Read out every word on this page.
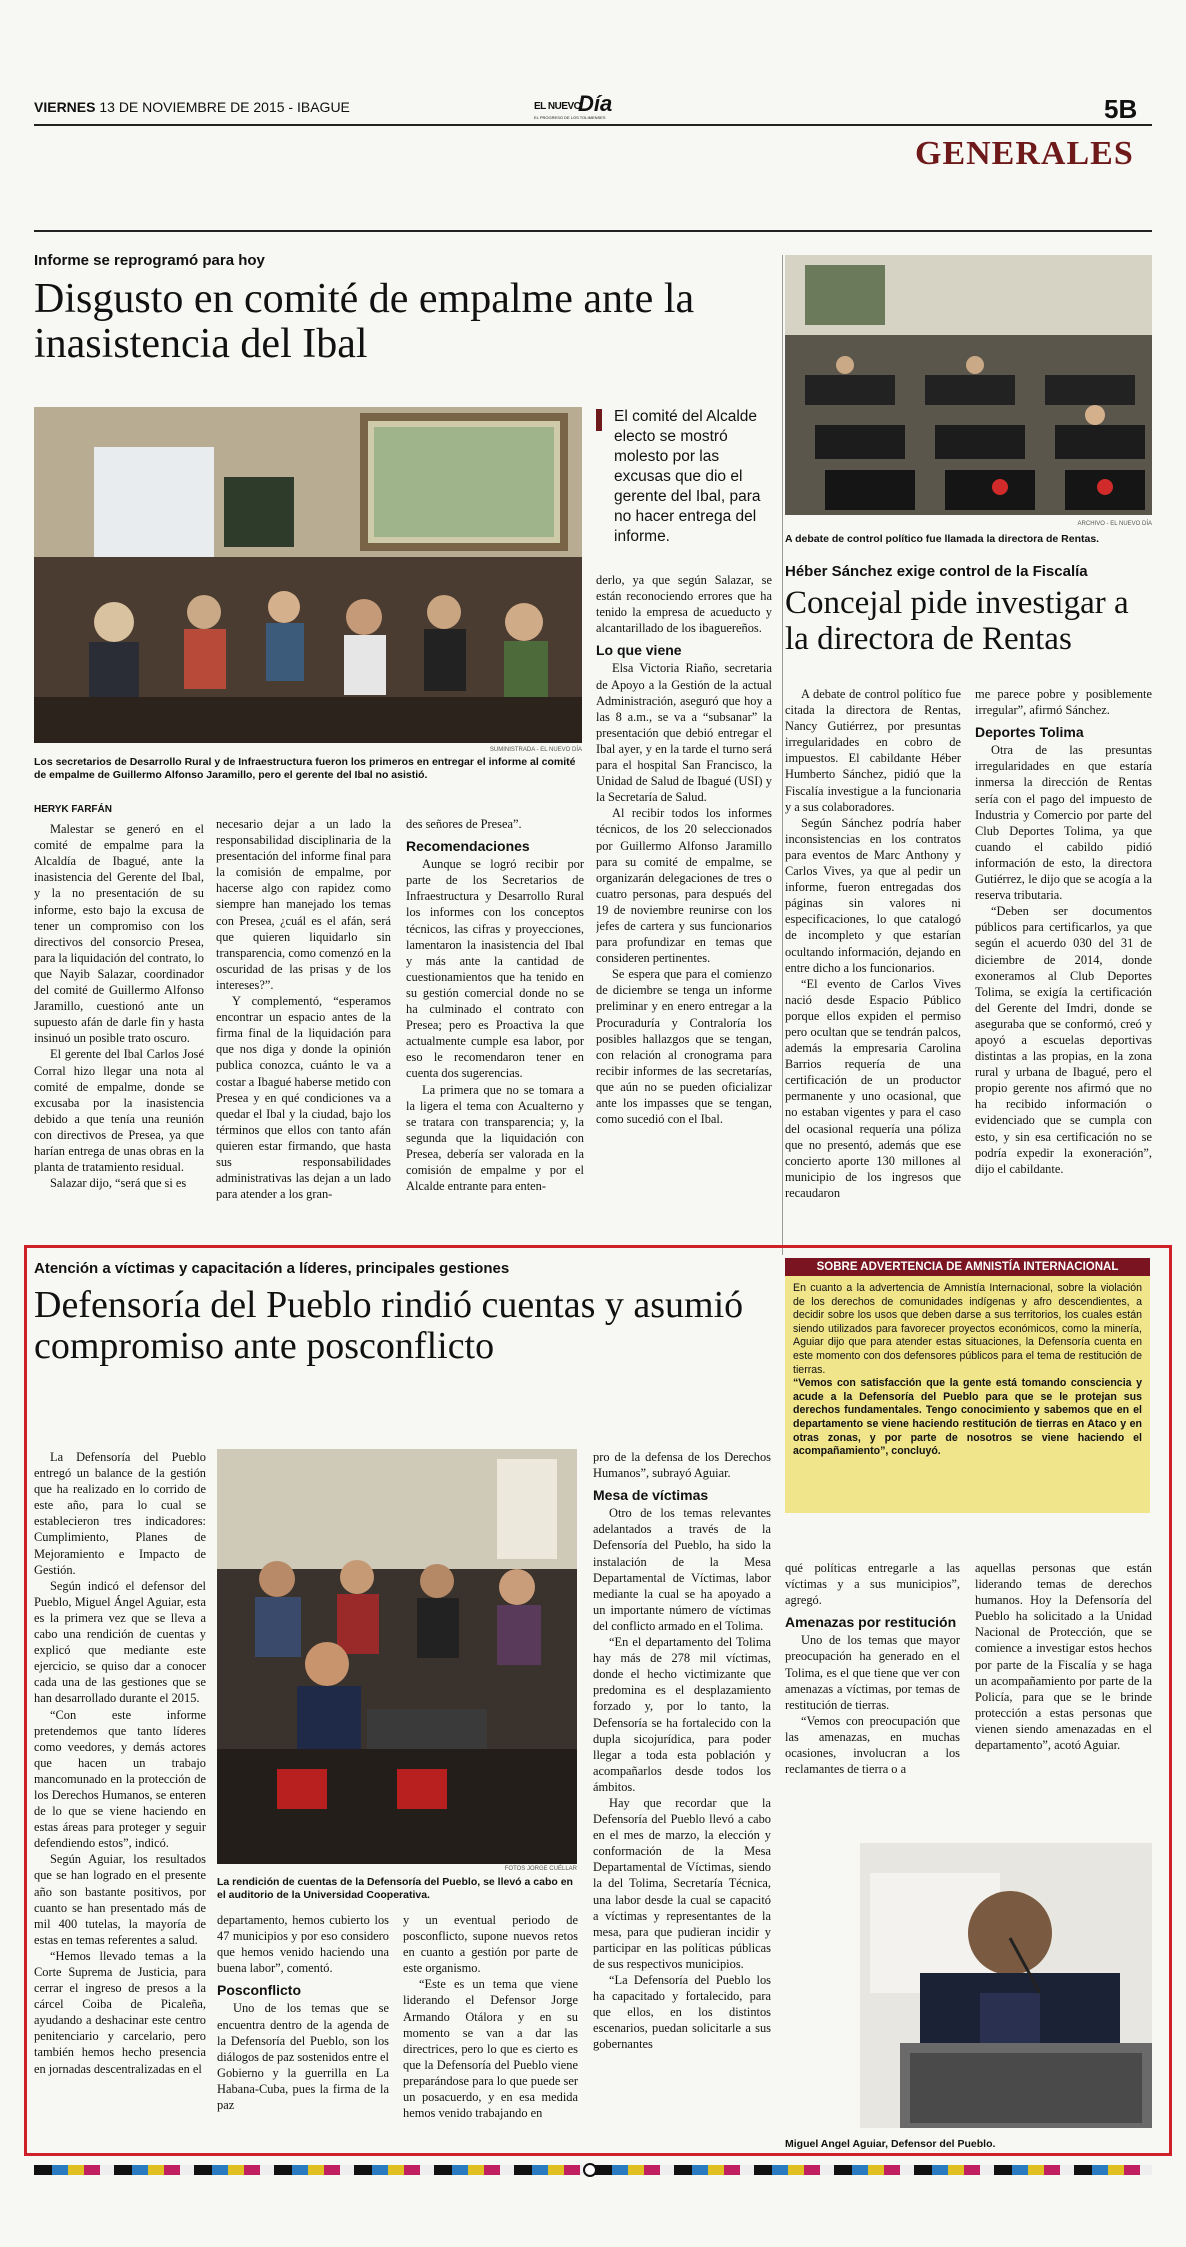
VIERNES 13 DE NOVIEMBRE DE 2015 - IBAGUE	EL NUEVO
Día
EL PROGRESO DE LOS TOLIMENSES	5B
GENERALES
Informe se reprogramó para hoy
Disgusto en comité de empalme ante la inasistencia del Ibal
SUMINISTRADA - EL NUEVO DÍA
Los secretarios de Desarrollo Rural y de Infraestructura fueron los primeros en entregar el informe al comité de empalme de Guillermo Alfonso Jaramillo, pero el gerente del Ibal no asistió.
El comité del Alcalde electo se mostró molesto por las excusas que dio el gerente del Ibal, para no hacer entrega del informe.
HERYK FARFÁN

Malestar se generó en el comité de empalme para la Alcaldía de Ibagué, ante la inasistencia del Gerente del Ibal, y la no presentación de su informe, esto bajo la excusa de tener un compromiso con los directivos del consorcio Presea, para la liquidación del contrato, lo que Nayib Salazar, coordinador del comité de Guillermo Alfonso Jaramillo, cuestionó ante un supuesto afán de darle fin y hasta insinuó un posible trato oscuro.

El gerente del Ibal Carlos José Corral hizo llegar una nota al comité de empalme, donde se excusaba por la inasistencia debido a que tenía una reunión con directivos de Presea, ya que harían entrega de unas obras en la planta de tratamiento residual.

Salazar dijo, “será que si es

necesario dejar a un lado la responsabilidad disciplinaria de la presentación del informe final para la comisión de empalme, por hacerse algo con rapidez como siempre han manejado los temas con Presea, ¿cuál es el afán, será que quieren liquidarlo sin transparencia, como comenzó en la oscuridad de las prisas y de los intereses?”.

Y complementó, “esperamos encontrar un espacio antes de la firma final de la liquidación para que nos diga y donde la opinión publica conozca, cuánto le va a costar a Ibagué haberse metido con Presea y en qué condiciones va a quedar el Ibal y la ciudad, bajo los términos que ellos con tanto afán quieren estar firmando, que hasta sus responsabilidades administrativas las dejan a un lado para atender a los gran-

des señores de Presea”.

Recomendaciones

Aunque se logró recibir por parte de los Secretarios de Infraestructura y Desarrollo Rural los informes con los conceptos técnicos, las cifras y proyecciones, lamentaron la inasistencia del Ibal y más ante la cantidad de cuestionamientos que ha tenido en su gestión comercial donde no se ha culminado el contrato con Presea; pero es Proactiva la que actualmente cumple esa labor, por eso le recomendaron tener en cuenta dos sugerencias.

La primera que no se tomara a la ligera el tema con Acualterno y se tratara con transparencia; y, la segunda que la liquidación con Presea, debería ser valorada en la comisión de empalme y por el Alcalde entrante para enten-

derlo, ya que según Salazar, se están reconociendo errores que ha tenido la empresa de acueducto y alcantarillado de los ibaguereños.

Lo que viene

Elsa Victoria Riaño, secretaria de Apoyo a la Gestión de la actual Administración, aseguró que hoy a las 8 a.m., se va a “subsanar” la presentación que debió entregar el Ibal ayer, y en la tarde el turno será para el hospital San Francisco, la Unidad de Salud de Ibagué (USI) y la Secretaría de Salud.

Al recibir todos los informes técnicos, de los 20 seleccionados por Guillermo Alfonso Jaramillo para su comité de empalme, se organizarán delegaciones de tres o cuatro personas, para después del 19 de noviembre reunirse con los jefes de cartera y sus funcionarios para profundizar en temas que consideren pertinentes.

Se espera que para el comienzo de diciembre se tenga un informe preliminar y en enero entregar a la Procuraduría y Contraloría los posibles hallazgos que se tengan, con relación al cronograma para recibir informes de las secretarías, que aún no se pueden oficializar ante los impasses que se tengan, como sucedió con el Ibal.

ARCHIVO - EL NUEVO DÍA
A debate de control político fue llamada la directora de Rentas.
Héber Sánchez exige control de la Fiscalía
Concejal pide investigar a la directora de Rentas

A debate de control político fue citada la directora de Rentas, Nancy Gutiérrez, por presuntas irregularidades en cobro de impuestos. El cabildante Héber Humberto Sánchez, pidió que la Fiscalía investigue a la funcionaria y a sus colaboradores.

Según Sánchez podría haber inconsistencias en los contratos para eventos de Marc Anthony y Carlos Vives, ya que al pedir un informe, fueron entregadas dos páginas sin valores ni especificaciones, lo que catalogó de incompleto y que estarían ocultando información, dejando en entre dicho a los funcionarios.

“El evento de Carlos Vives nació desde Espacio Público porque ellos expiden el permiso pero ocultan que se tendrán palcos, además la empresaria Carolina Barrios requería de una certificación de un productor permanente y uno ocasional, que no estaban vigentes y para el caso del ocasional requería una póliza que no presentó, además que ese concierto aporte 130 millones al municipio de los ingresos que recaudaron

me parece pobre y posiblemente irregular”, afirmó Sánchez.

Deportes Tolima

Otra de las presuntas irregularidades en que estaría inmersa la dirección de Rentas sería con el pago del impuesto de Industria y Comercio por parte del Club Deportes Tolima, ya que cuando el cabildo pidió información de esto, la directora Gutiérrez, le dijo que se acogía a la reserva tributaria.

“Deben ser documentos públicos para certificarlos, ya que según el acuerdo 030 del 31 de diciembre de 2014, donde exoneramos al Club Deportes Tolima, se exigía la certificación del Gerente del Imdri, donde se aseguraba que se conformó, creó y apoyó a escuelas deportivas distintas a las propias, en la zona rural y urbana de Ibagué, pero el propio gerente nos afirmó que no ha recibido información o evidenciado que se cumpla con esto, y sin esa certificación no se podría expedir la exoneración”, dijo el cabildante.

Atención a víctimas y capacitación a líderes, principales gestiones
Defensoría del Pueblo rindió cuentas y asumió compromiso ante posconflicto
SOBRE ADVERTENCIA DE AMNISTÍA INTERNACIONAL
En cuanto a la advertencia de Amnistía Internacional, sobre la violación de los derechos de comunidades indígenas y afro descendientes, a decidir sobre los usos que deben darse a sus territorios, los cuales están siendo utilizados para favorecer proyectos económicos, como la minería, Aguiar dijo que para atender estas situaciones, la Defensoría cuenta en este momento con dos defensores públicos para el tema de restitución de tierras.
“Vemos con satisfacción que la gente está tomando consciencia y acude a la Defensoría del Pueblo para que se le protejan sus derechos fundamentales. Tengo conocimiento y sabemos que en el departamento se viene haciendo restitución de tierras en Ataco y en otras zonas, y por parte de nosotros se viene haciendo el acompañamiento”, concluyó.
FOTOS JORGE CUÉLLAR
La rendición de cuentas de la Defensoría del Pueblo, se llevó a cabo en el auditorio de la Universidad Cooperativa.
Miguel Angel Aguiar, Defensor del Pueblo.

La Defensoría del Pueblo entregó un balance de la gestión que ha realizado en lo corrido de este año, para lo cual se establecieron tres indicadores: Cumplimiento, Planes de Mejoramiento e Impacto de Gestión.

Según indicó el defensor del Pueblo, Miguel Ángel Aguiar, esta es la primera vez que se lleva a cabo una rendición de cuentas y explicó que mediante este ejercicio, se quiso dar a conocer cada una de las gestiones que se han desarrollado durante el 2015.

“Con este informe pretendemos que tanto líderes como veedores, y demás actores que hacen un trabajo mancomunado en la protección de los Derechos Humanos, se enteren de lo que se viene haciendo en estas áreas para proteger y seguir defendiendo estos”, indicó.

Según Aguiar, los resultados que se han logrado en el presente año son bastante positivos, por cuanto se han presentado más de mil 400 tutelas, la mayoría de estas en temas referentes a salud.

“Hemos llevado temas a la Corte Suprema de Justicia, para cerrar el ingreso de presos a la cárcel Coiba de Picaleña, ayudando a deshacinar este centro penitenciario y carcelario, pero también hemos hecho presencia en jornadas descentralizadas en el

departamento, hemos cubierto los 47 municipios y por eso considero que hemos venido haciendo una buena labor”, comentó.

Posconflicto

Uno de los temas que se encuentra dentro de la agenda de la Defensoría del Pueblo, son los diálogos de paz sostenidos entre el Gobierno y la guerrilla en La Habana-Cuba, pues la firma de la paz

y un eventual periodo de posconflicto, supone nuevos retos en cuanto a gestión por parte de este organismo.

“Este es un tema que viene liderando el Defensor Jorge Armando Otálora y en su momento se van a dar las directrices, pero lo que es cierto es que la Defensoría del Pueblo viene preparándose para lo que puede ser un posacuerdo, y en esa medida hemos venido trabajando en

pro de la defensa de los Derechos Humanos”, subrayó Aguiar.

Mesa de víctimas

Otro de los temas relevantes adelantados a través de la Defensoría del Pueblo, ha sido la instalación de la Mesa Departamental de Víctimas, labor mediante la cual se ha apoyado a un importante número de víctimas del conflicto armado en el Tolima.

“En el departamento del Tolima hay más de 278 mil víctimas, donde el hecho victimizante que predomina es el desplazamiento forzado y, por lo tanto, la Defensoría se ha fortalecido con la dupla sicojurídica, para poder llegar a toda esta población y acompañarlos desde todos los ámbitos.

Hay que recordar que la Defensoría del Pueblo llevó a cabo en el mes de marzo, la elección y conformación de la Mesa Departamental de Víctimas, siendo la del Tolima, Secretaría Técnica, una labor desde la cual se capacitó a víctimas y representantes de la mesa, para que pudieran incidir y participar en las políticas públicas de sus respectivos municipios.

“La Defensoría del Pueblo los ha capacitado y fortalecido, para que ellos, en los distintos escenarios, puedan solicitarle a sus gobernantes

qué políticas entregarle a las víctimas y a sus municipios”, agregó.

Amenazas por restitución

Uno de los temas que mayor preocupación ha generado en el Tolima, es el que tiene que ver con amenazas a víctimas, por temas de restitución de tierras.

“Vemos con preocupación que las amenazas, en muchas ocasiones, involucran a los reclamantes de tierra o a

aquellas personas que están liderando temas de derechos humanos. Hoy la Defensoría del Pueblo ha solicitado a la Unidad Nacional de Protección, que se comience a investigar estos hechos por parte de la Fiscalía y se haga un acompañamiento por parte de la Policía, para que se le brinde protección a estas personas que vienen siendo amenazadas en el departamento”, acotó Aguiar.
